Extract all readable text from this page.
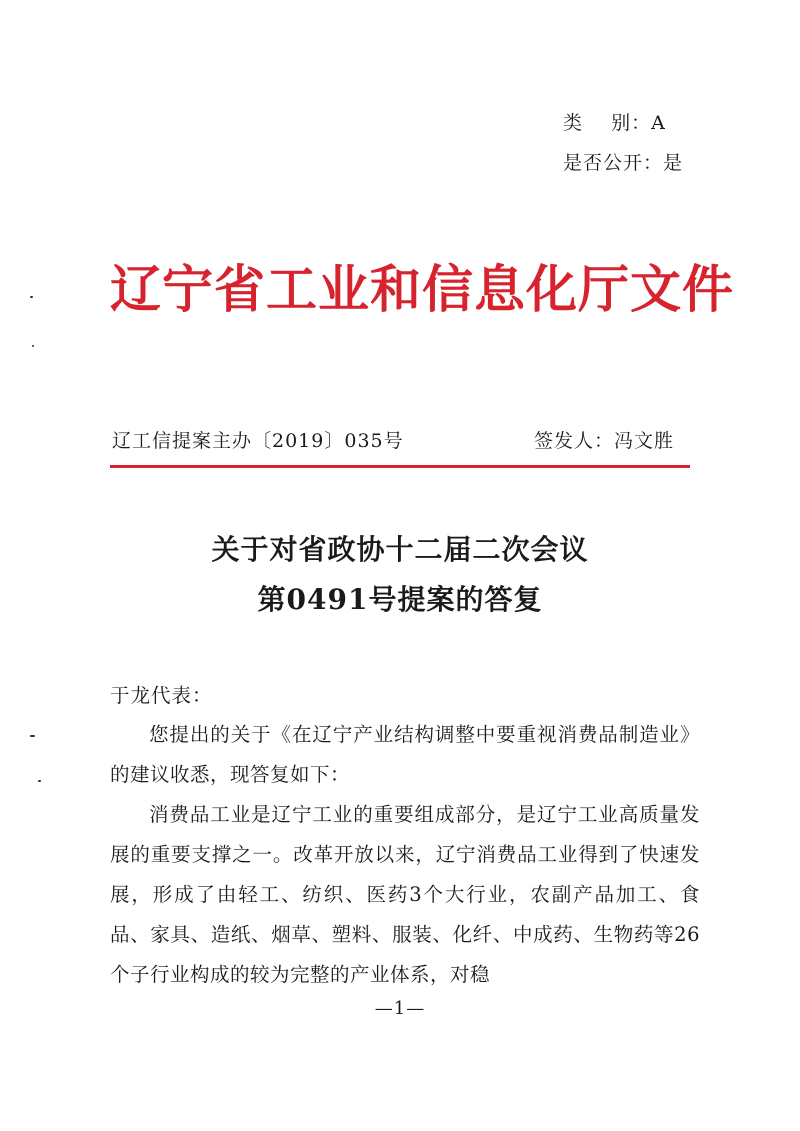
类    别：A
是否公开：是
辽宁省工业和信息化厅文件
辽工信提案主办〔2019〕035号	签发人：冯文胜
关于对省政协十二届二次会议
第0491号提案的答复
于龙代表：

您提出的关于《在辽宁产业结构调整中要重视消费品制造业》的建议收悉，现答复如下：

消费品工业是辽宁工业的重要组成部分，是辽宁工业高质量发展的重要支撑之一。改革开放以来，辽宁消费品工业得到了快速发展，形成了由轻工、纺织、医药3个大行业，农副产品加工、食品、家具、造纸、烟草、塑料、服装、化纤、中成药、生物药等26个子行业构成的较为完整的产业体系，对稳

—1—
